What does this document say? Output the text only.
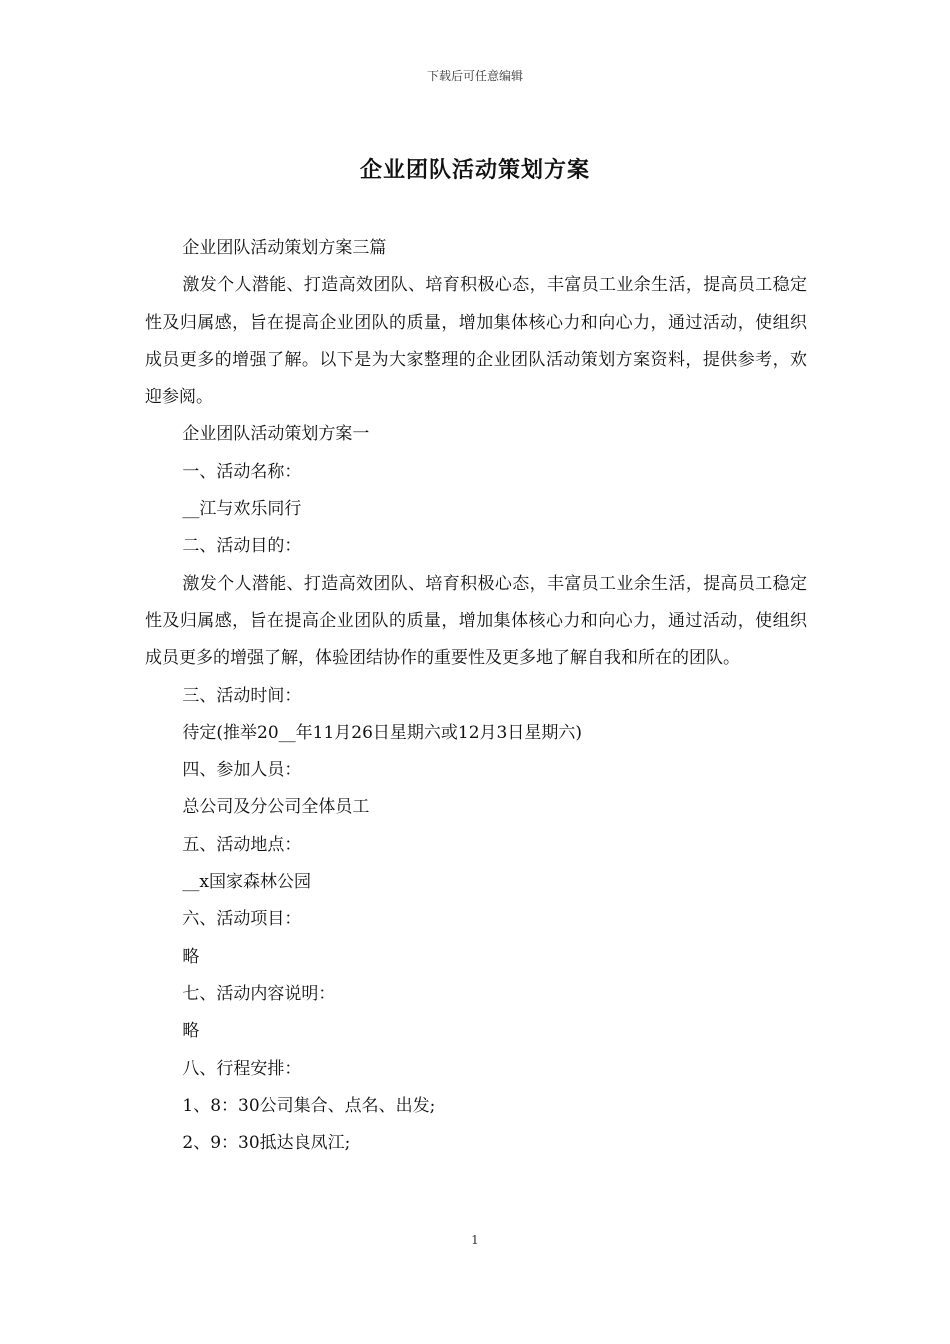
下载后可任意编辑
企业团队活动策划方案

企业团队活动策划方案三篇

激发个人潜能、打造高效团队、培育积极心态，丰富员工业余生活，提高员工稳定性及归属感，旨在提高企业团队的质量，增加集体核心力和向心力，通过活动，使组织成员更多的增强了解。以下是为大家整理的企业团队活动策划方案资料，提供参考，欢迎参阅。

企业团队活动策划方案一

一、活动名称：

__江与欢乐同行

二、活动目的：

激发个人潜能、打造高效团队、培育积极心态，丰富员工业余生活，提高员工稳定性及归属感，旨在提高企业团队的质量，增加集体核心力和向心力，通过活动，使组织成员更多的增强了解，体验团结协作的重要性及更多地了解自我和所在的团队。

三、活动时间：

待定(推举20__年11月26日星期六或12月3日星期六)

四、参加人员：

总公司及分公司全体员工

五、活动地点：

__x国家森林公园

六、活动项目：

略

七、活动内容说明：

略

八、行程安排：

1、8：30公司集合、点名、出发;

2、9：30抵达良凤江;

1
